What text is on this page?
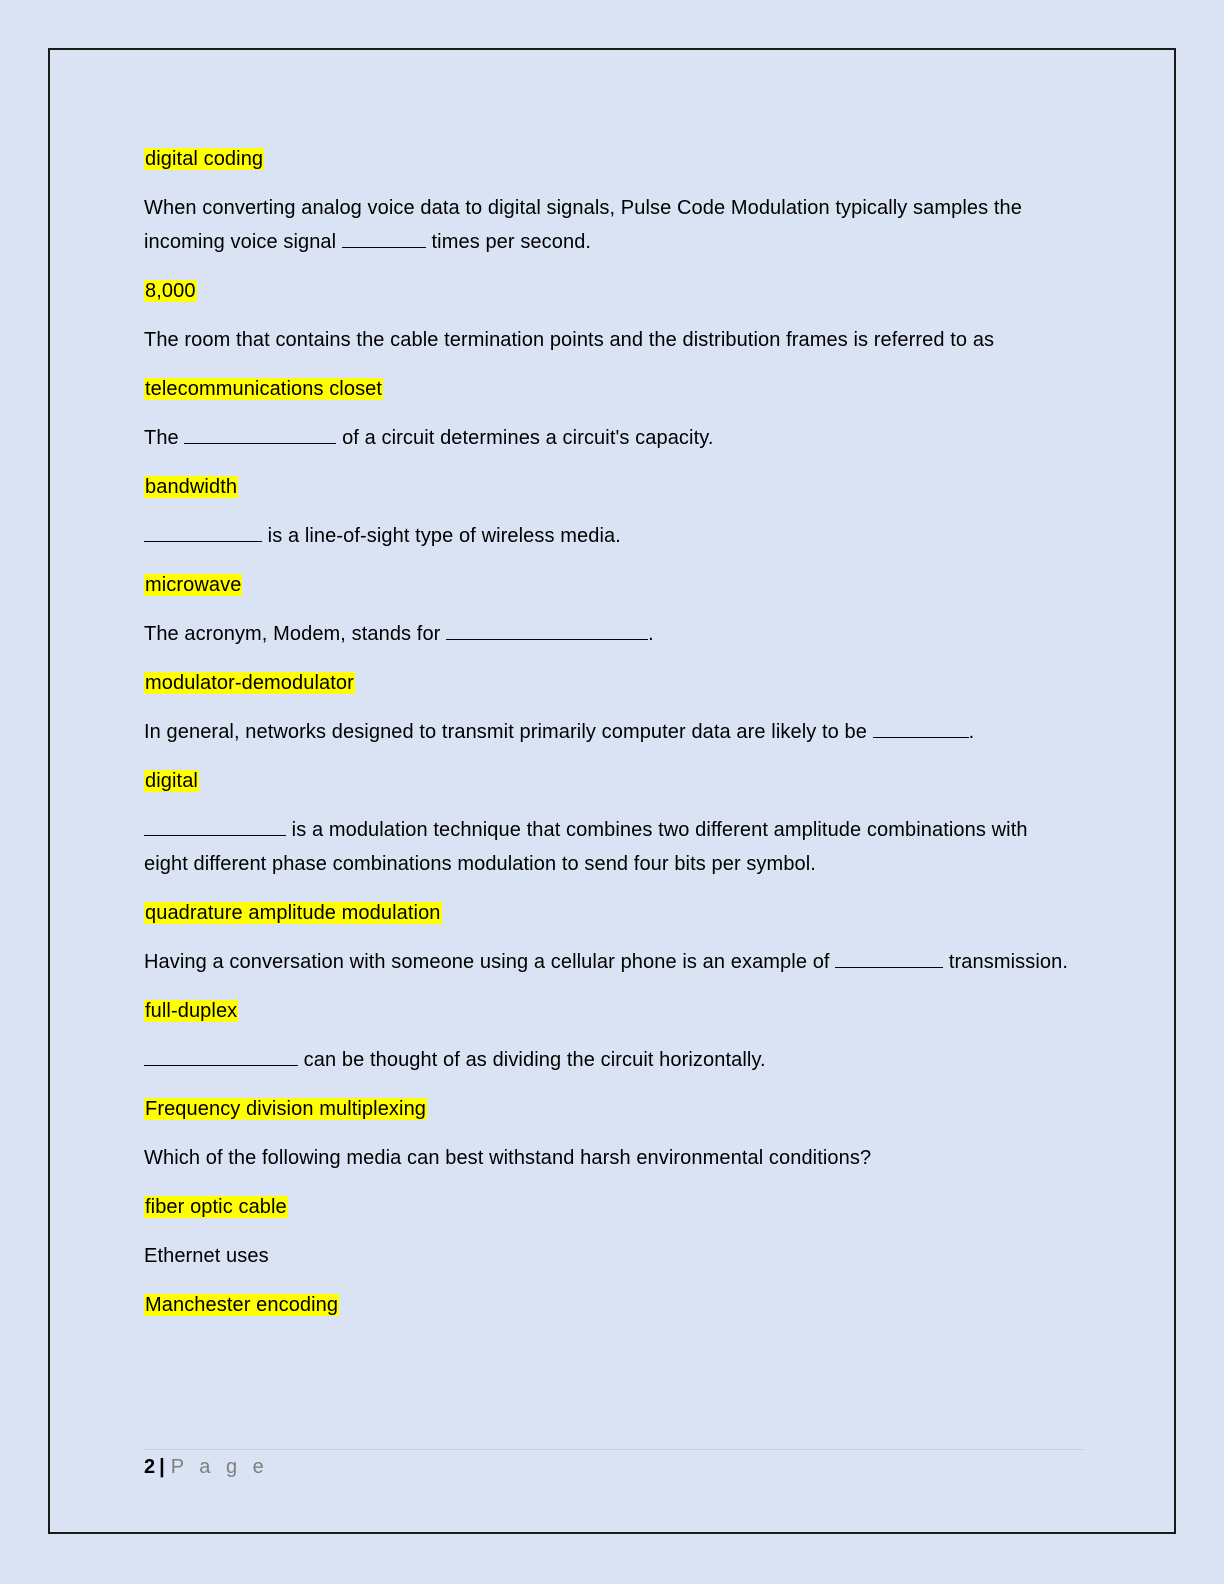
digital coding

When converting analog voice data to digital signals, Pulse Code Modulation typically samples the incoming voice signal	times per second.

8,000

The room that contains the cable termination points and the distribution frames is referred to as

telecommunications closet

The	of a circuit determines a circuit's capacity.

bandwidth

is a line-of-sight type of wireless media.

microwave

The acronym, Modem, stands for	.

modulator-demodulator

In general, networks designed to transmit primarily computer data are likely to be	.

digital

is a modulation technique that combines two different amplitude combinations with eight different phase combinations modulation to send four bits per symbol.

quadrature amplitude modulation

Having a conversation with someone using a cellular phone is an example of	transmission.

full-duplex

can be thought of as dividing the circuit horizontally.

Frequency division multiplexing

Which of the following media can best withstand harsh environmental conditions?

fiber optic cable

Ethernet uses

Manchester encoding

2 | P a g e
